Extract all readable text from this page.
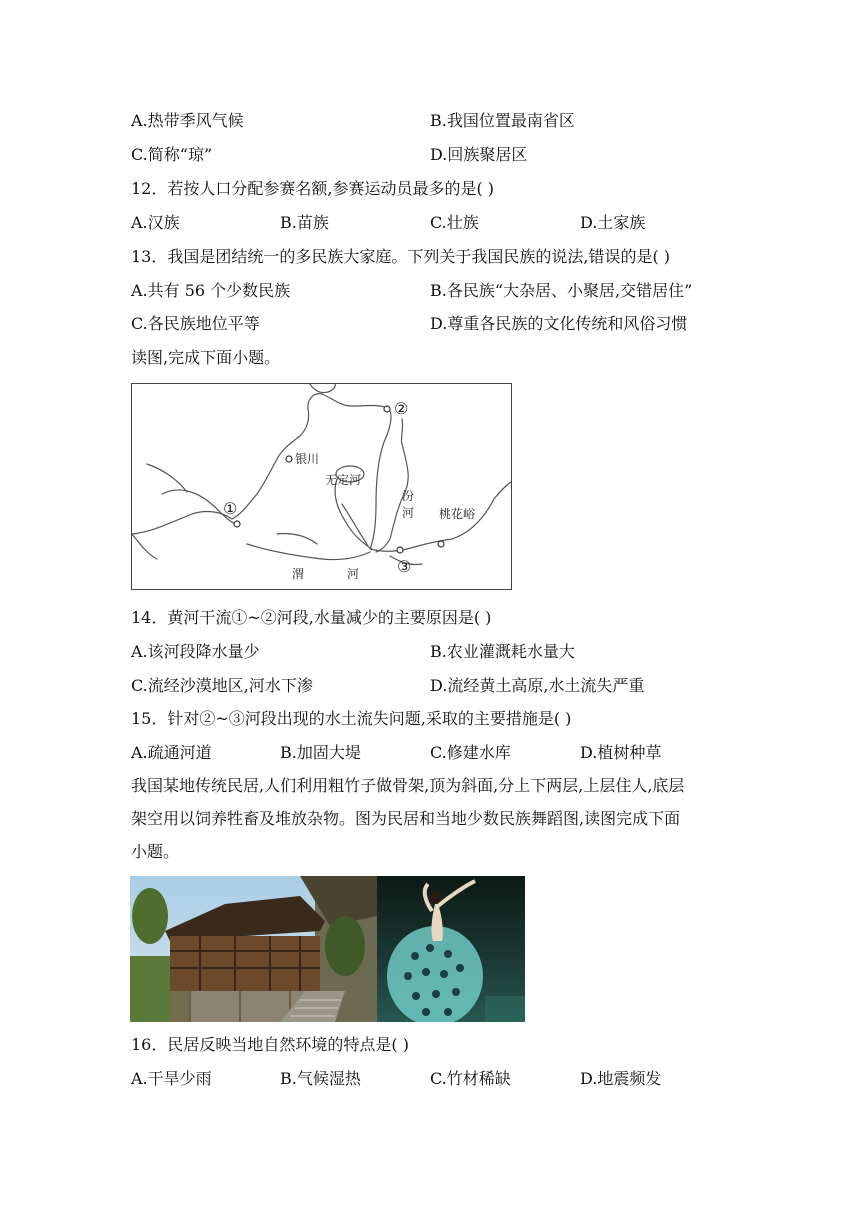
A.热带季风气候	B.我国位置最南省区
C.简称“琼”	D.回族聚居区
12．若按人口分配参赛名额,参赛运动员最多的是( )
A.汉族	B.苗族	C.壮族	D.土家族
13．我国是团结统一的多民族大家庭。下列关于我国民族的说法,错误的是( )
A.共有 56 个少数民族	B.各民族“大杂居、小聚居,交错居住”
C.各民族地位平等	D.尊重各民族的文化传统和风俗习惯
读图,完成下面小题。
银川
无定河
汾
河 桃花峪
渭	河
①
②
③
14．黄河干流①~②河段,水量减少的主要原因是( )
A.该河段降水量少	B.农业灌溉耗水量大
C.流经沙漠地区,河水下渗	D.流经黄土高原,水土流失严重
15．针对②~③河段出现的水土流失问题,采取的主要措施是( )
A.疏通河道	B.加固大堤	C.修建水库	D.植树种草
我国某地传统民居,人们利用粗竹子做骨架,顶为斜面,分上下两层,上层住人,底层
架空用以饲养牲畜及堆放杂物。图为民居和当地少数民族舞蹈图,读图完成下面
小题。
16．民居反映当地自然环境的特点是( )
A.干旱少雨	B.气候湿热	C.竹材稀缺	D.地震频发
